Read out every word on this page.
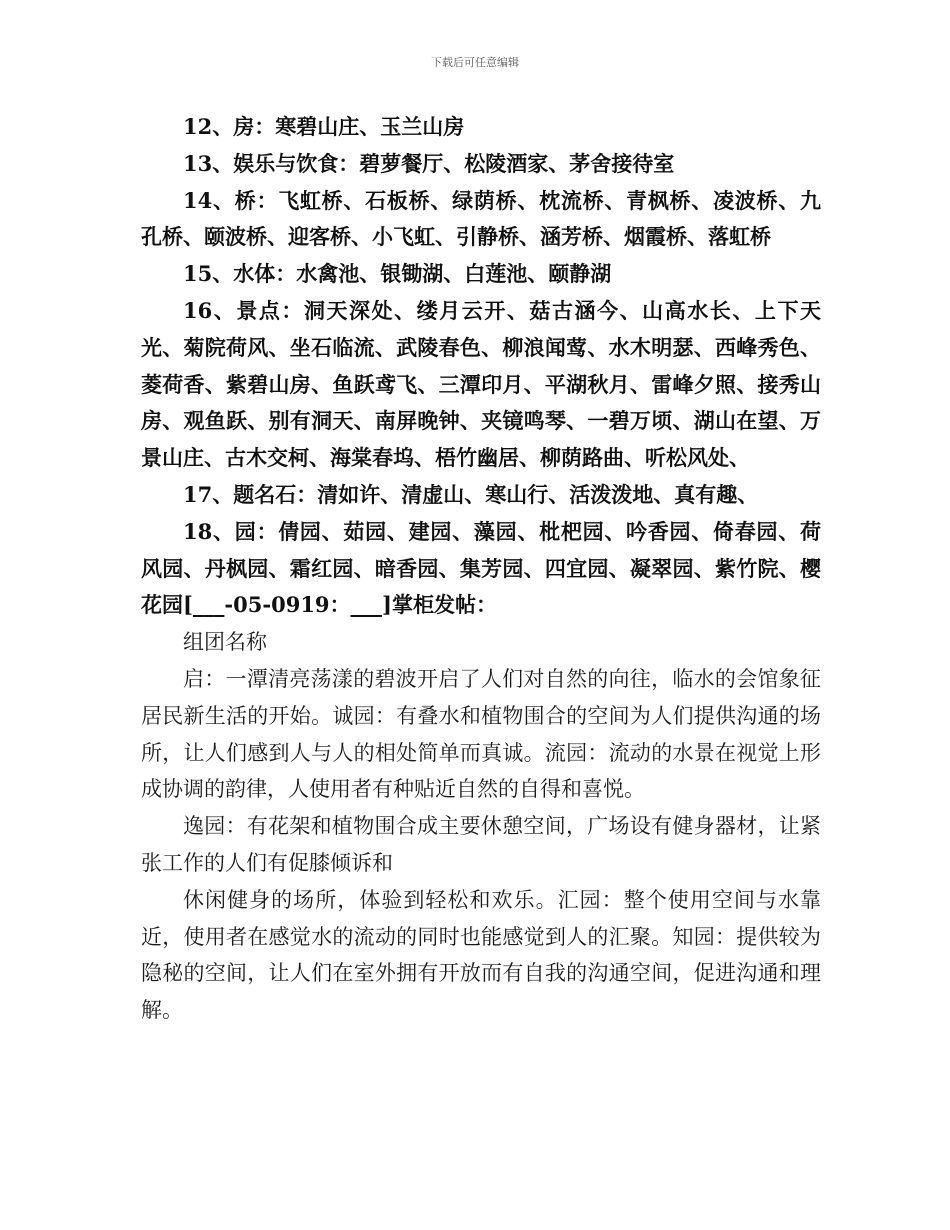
下载后可任意编辑

12、房：寒碧山庄、玉兰山房

13、娱乐与饮食：碧萝餐厅、松陵酒家、茅舍接待室

14、桥：飞虹桥、石板桥、绿荫桥、枕流桥、青枫桥、凌波桥、九孔桥、颐波桥、迎客桥、小飞虹、引静桥、涵芳桥、烟霞桥、落虹桥

15、水体：水禽池、银锄湖、白莲池、颐静湖

16、景点：洞天深处、缕月云开、菇古涵今、山高水长、上下天光、菊院荷风、坐石临流、武陵春色、柳浪闻莺、水木明瑟、西峰秀色、菱荷香、紫碧山房、鱼跃鸢飞、三潭印月、平湖秋月、雷峰夕照、接秀山房、观鱼跃、别有洞天、南屏晚钟、夹镜鸣琴、一碧万顷、湖山在望、万景山庄、古木交柯、海棠春坞、梧竹幽居、柳荫路曲、听松风处、

17、题名石：清如许、清虚山、寒山行、活泼泼地、真有趣、

18、园：倩园、茹园、建园、藻园、枇杷园、吟香园、倚春园、荷风园、丹枫园、霜红园、暗香园、集芳园、四宜园、凝翠园、紫竹院、樱花园[___-05-0919：___]掌柜发帖：

组团名称

启：一潭清亮荡漾的碧波开启了人们对自然的向往，临水的会馆象征居民新生活的开始。诚园：有叠水和植物围合的空间为人们提供沟通的场所，让人们感到人与人的相处简单而真诚。流园：流动的水景在视觉上形成协调的韵律，人使用者有种贴近自然的自得和喜悦。

逸园：有花架和植物围合成主要休憩空间，广场设有健身器材，让紧张工作的人们有促膝倾诉和

休闲健身的场所，体验到轻松和欢乐。汇园：整个使用空间与水靠近，使用者在感觉水的流动的同时也能感觉到人的汇聚。知园：提供较为隐秘的空间，让人们在室外拥有开放而有自我的沟通空间，促进沟通和理解。
